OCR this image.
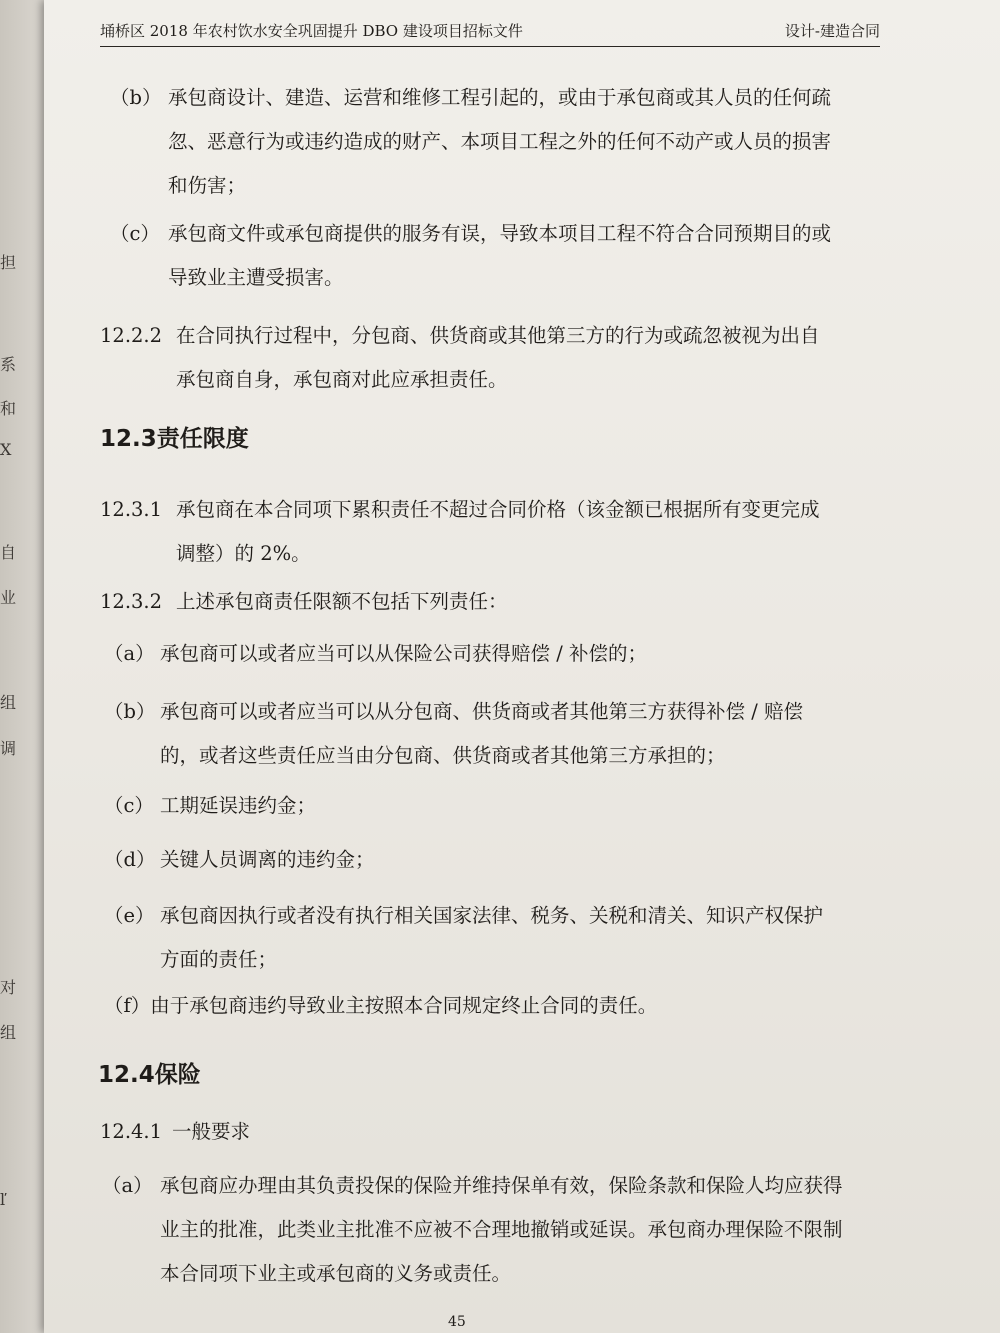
担
系
和
X
自
业
组
调
对
组
ľ
埇桥区 2018 年农村饮水安全巩固提升 DBO 建设项目招标文件	设计-建造合同
（b） 承包商设计、建造、运营和维修工程引起的，或由于承包商或其人员的任何疏忽、恶意行为或违约造成的财产、本项目工程之外的任何不动产或人员的损害和伤害；
（c） 承包商文件或承包商提供的服务有误，导致本项目工程不符合合同预期目的或导致业主遭受损害。
12.2.2 在合同执行过程中，分包商、供货商或其他第三方的行为或疏忽被视为出自承包商自身，承包商对此应承担责任。
12.3责任限度
12.3.1 承包商在本合同项下累积责任不超过合同价格（该金额已根据所有变更完成调整）的 2%。
12.3.2 上述承包商责任限额不包括下列责任：
（a） 承包商可以或者应当可以从保险公司获得赔偿 / 补偿的；
（b） 承包商可以或者应当可以从分包商、供货商或者其他第三方获得补偿 / 赔偿的，或者这些责任应当由分包商、供货商或者其他第三方承担的；
（c） 工期延误违约金；
（d） 关键人员调离的违约金；
（e） 承包商因执行或者没有执行相关国家法律、税务、关税和清关、知识产权保护方面的责任；
（f）由于承包商违约导致业主按照本合同规定终止合同的责任。
12.4保险
12.4.1 一般要求
（a） 承包商应办理由其负责投保的保险并维持保单有效，保险条款和保险人均应获得业主的批准，此类业主批准不应被不合理地撤销或延误。承包商办理保险不限制本合同项下业主或承包商的义务或责任。
45
